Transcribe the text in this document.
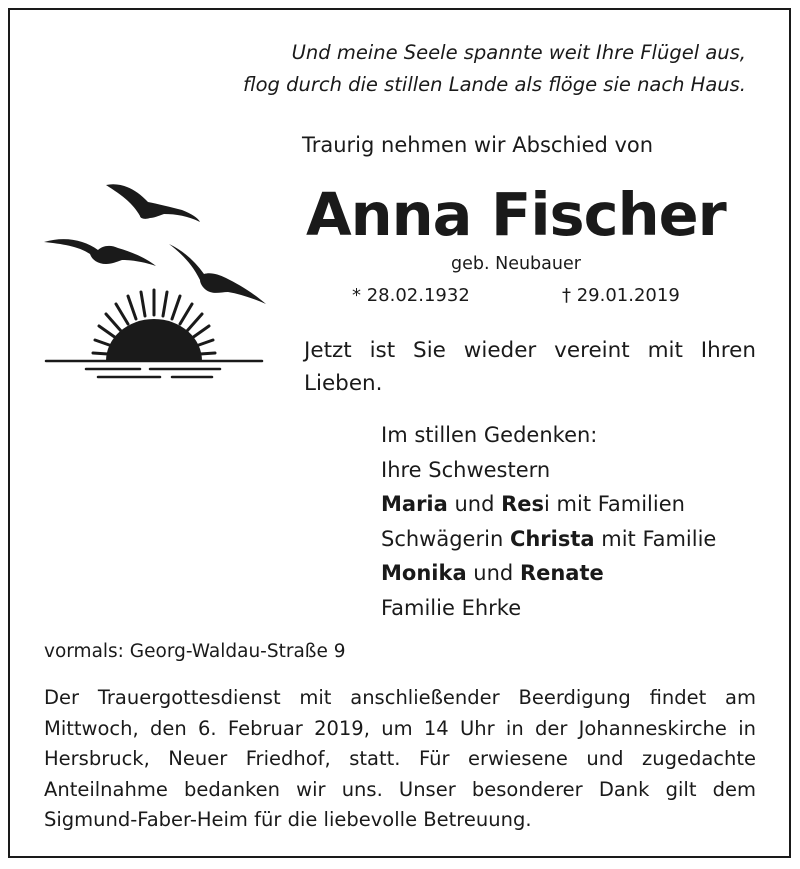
Und meine Seele spannte weit Ihre Flügel aus,
flog durch die stillen Lande als flöge sie nach Haus.
Traurig nehmen wir Abschied von
Anna Fischer
geb. Neubauer
* 28.02.1932	† 29.01.2019
Jetzt ist Sie wieder vereint mit Ihren Lieben.
Im stillen Gedenken:
Ihre Schwestern
Maria und Resi mit Familien
Schwägerin Christa mit Familie
Monika und Renate
Familie Ehrke
vormals: Georg-Waldau-Straße 9
Der Trauergottesdienst mit anschließender Beerdigung findet am Mittwoch, den 6. Februar 2019, um 14 Uhr in der Johanneskirche in Hersbruck, Neuer Friedhof, statt. Für erwiesene und zugedachte Anteilnahme bedanken wir uns. Unser besonderer Dank gilt dem Sigmund-Faber-Heim für die liebevolle Betreuung.
